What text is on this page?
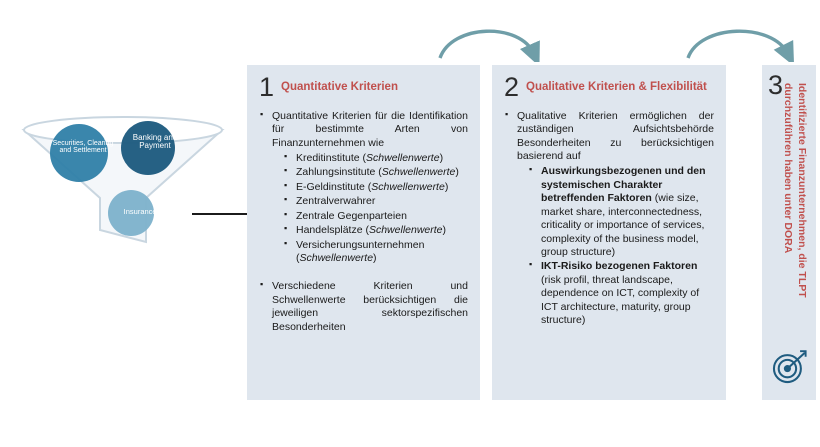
Securities, Clearing and Settlement
Banking and Payment
Insurances
1 Quantitative Kriterien
▪ Quantitative Kriterien für die Identifikation für bestimmte Arten von Finanzunternehmen wie
▪ Kreditinstitute (Schwellenwerte)
▪ Zahlungsinstitute (Schwellenwerte)
▪ E-Geldinstitute (Schwellenwerte)
▪ Zentralverwahrer
▪ Zentrale Gegenparteien
▪ Handelsplätze (Schwellenwerte)
▪ Versicherungsunternehmen (Schwellenwerte)
▪ Verschiedene Kriterien und Schwellenwerte berücksichtigen die jeweiligen sektorspezifischen Besonderheiten
2 Qualitative Kriterien & Flexibilität
▪ Qualitative Kriterien ermöglichen der zuständigen Aufsichtsbehörde Besonderheiten zu berücksichtigen basierend auf
▪ Auswirkungsbezogenen und den systemischen Charakter betreffenden Faktoren (wie size, market share, interconnectedness, criticality or importance of services, complexity of the business model, group structure)
▪ IKT-Risiko bezogenen Faktoren (risk profil, threat landscape, dependence on ICT, complexity of ICT architecture, maturity, group structure)
3	Identifizierte Finanzunternehmen, die TLPT durchzuführen haben unter DORA
